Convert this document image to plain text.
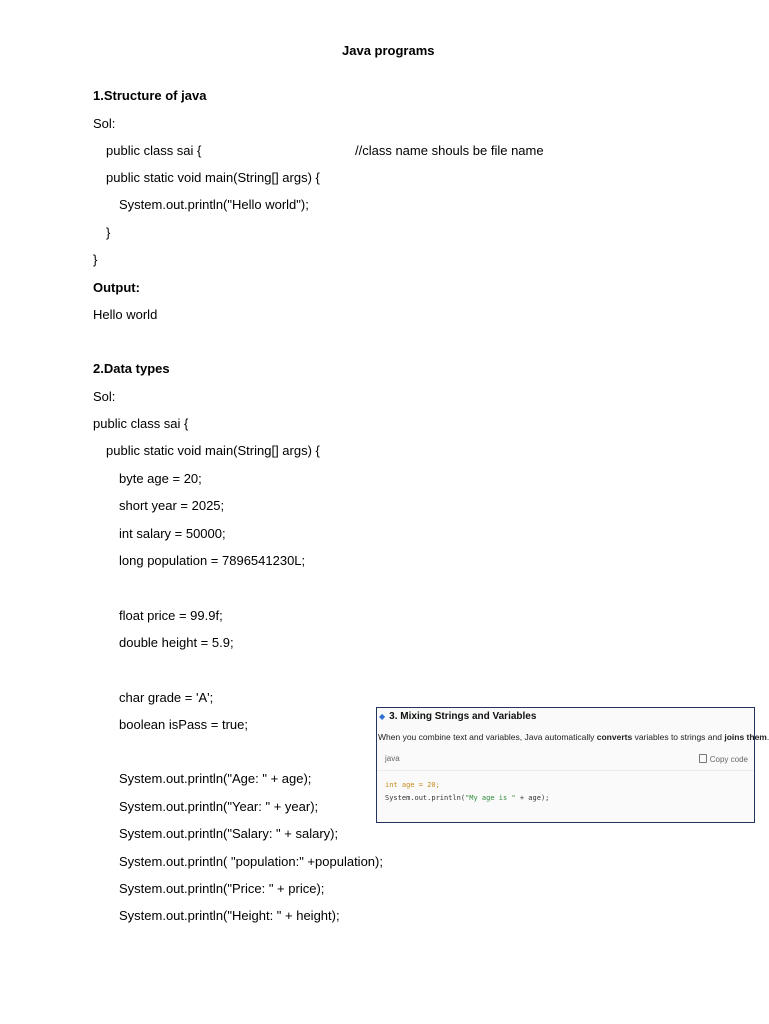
Java programs
1.Structure of java
Sol:
public class sai {	//class name shouls be file name
public static void main(String[] args) {
System.out.println("Hello world");
}
}
Output:
Hello world
2.Data types
Sol:
public class sai {
public static void main(String[] args) {
byte age = 20;
short year = 2025;
int salary = 50000;
long population = 7896541230L;
float price = 99.9f;
double height = 5.9;
char grade = 'A';
boolean isPass = true;
System.out.println("Age: " + age);
System.out.println("Year: " + year);
System.out.println("Salary: " + salary);
System.out.println( "population:" +population);
System.out.println("Price: " + price);
System.out.println("Height: " + height);
◆ 3. Mixing Strings and Variables
When you combine text and variables, Java automatically converts variables to strings and joins them.
java	Copy code
int age = 20;
System.out.println("My age is " + age);
